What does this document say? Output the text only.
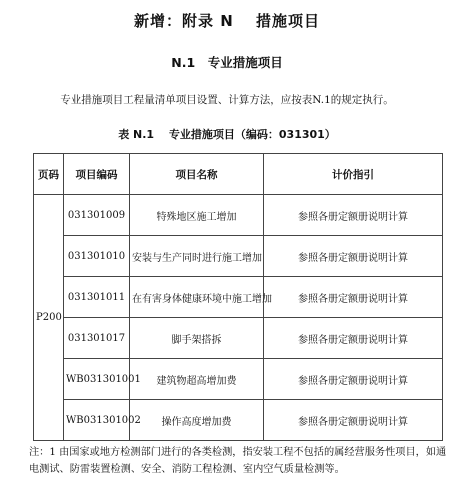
新增：附录 N　 措施项目
N.1　专业措施项目
专业措施项目工程量清单项目设置、计算方法，应按表N.1的规定执行。
表 N.1　 专业措施项目（编码：031301）
页码	项目编码	项目名称	计价指引
P200	031301009	特殊地区施工增加	参照各册定额册说明计算
	031301010	安装与生产同时进行施工增加	参照各册定额册说明计算
	031301011	在有害身体健康环境中施工增加	参照各册定额册说明计算
	031301017	脚手架搭拆	参照各册定额册说明计算
	WB031301001	建筑物超高增加费	参照各册定额册说明计算
	WB031301002	操作高度增加费	参照各册定额册说明计算
注：1 由国家或地方检测部门进行的各类检测，指安装工程不包括的属经营服务性项目，如通电测试、防雷装置检测、安全、消防工程检测、室内空气质量检测等。
